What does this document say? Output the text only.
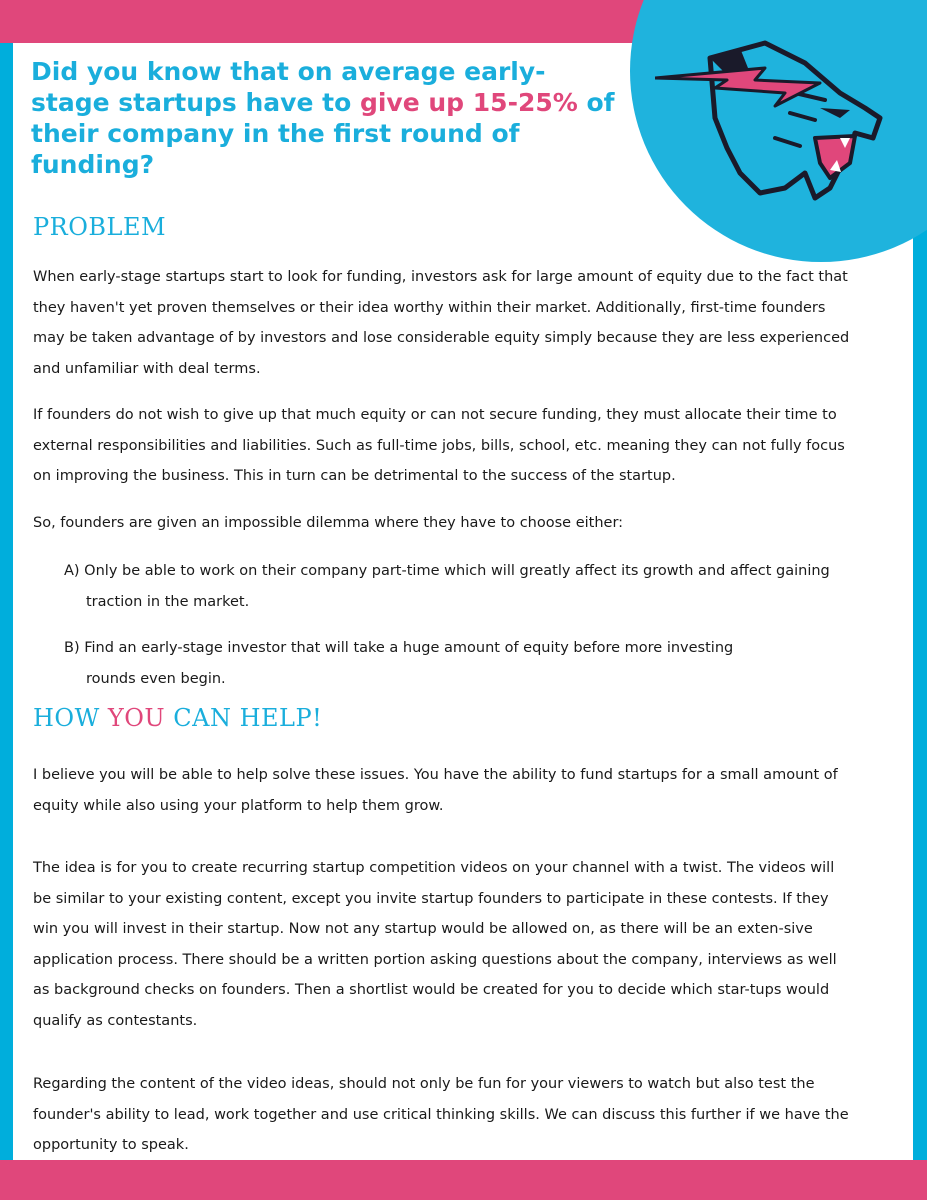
Did you know that on average early-stage startups have to give up 15-25% of their company in the first round of funding?
PROBLEM

When early-stage startups start to look for funding, investors ask for large amount of equity due to the fact that they haven't yet proven themselves or their idea worthy within their market. Additionally, first-time founders may be taken advantage of by investors and lose considerable equity simply because they are less experienced and unfamiliar with deal terms.

If founders do not wish to give up that much equity or can not secure funding, they must allocate their time to external responsibilities and liabilities. Such as full-time jobs, bills, school, etc. meaning they can not fully focus on improving the business. This in turn can be detrimental to the success of the startup.

So, founders are given an impossible dilemma where they have to choose either:

A) Only be able to work on their company part-time which will greatly affect its growth and affect gaining
traction in the market.

B) Find an early-stage investor that will take a huge amount of equity before more investing
rounds even begin.

HOW YOU CAN HELP!

I believe you will be able to help solve these issues. You have the ability to fund startups for a small amount of equity while also using your platform to help them grow.

The idea is for you to create recurring startup competition videos on your channel with a twist. The videos will be similar to your existing content, except you invite startup founders to participate in these contests. If they win you will invest in their startup. Now not any startup would be allowed on, as there will be an exten-sive application process. There should be a written portion asking questions about the company, interviews as well as background checks on founders. Then a shortlist would be created for you to decide which star-tups would qualify as contestants.

Regarding the content of the video ideas, should not only be fun for your viewers to watch but also test the founder's ability to lead, work together and use critical thinking skills. We can discuss this further if we have the opportunity to speak.
